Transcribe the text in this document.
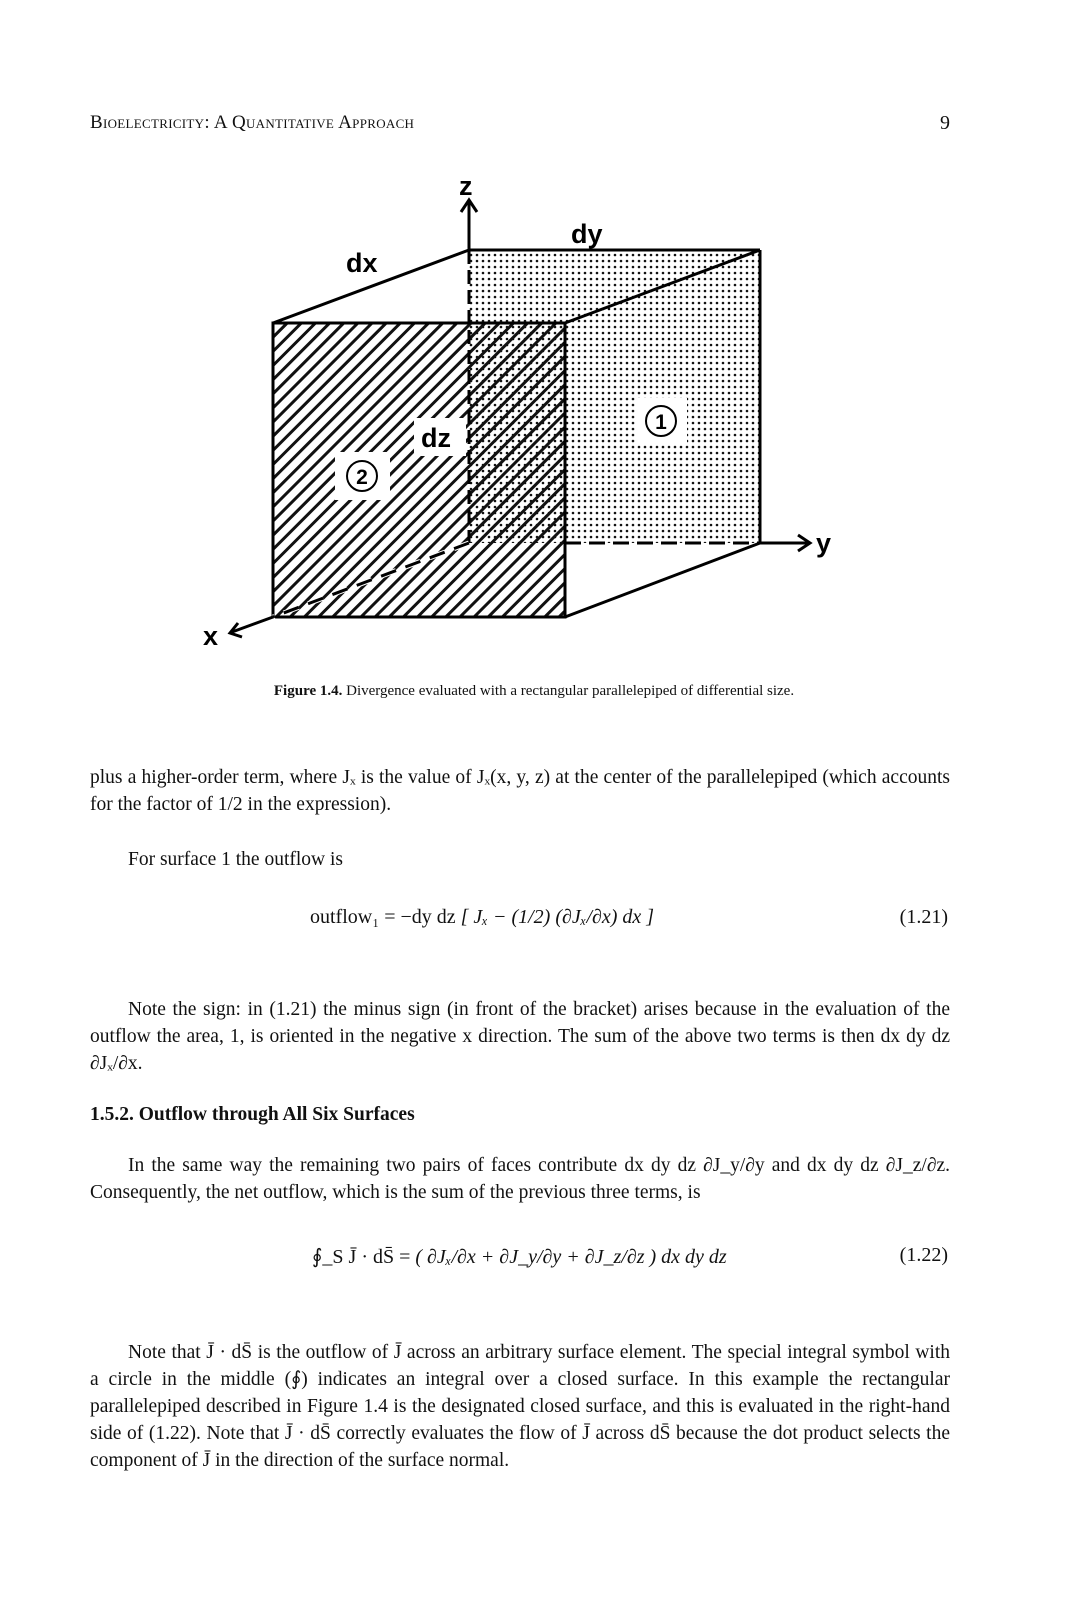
Bioelectricity: A Quantitative Approach	9
z
dy
dx
dz
y
x
1
2
Figure 1.4. Divergence evaluated with a rectangular parallelepiped of differential size.
plus a higher-order term, where Jₓ is the value of Jₓ(x, y, z) at the center of the parallelepiped (which accounts for the factor of 1/2 in the expression).
For surface 1 the outflow is
outflow₁ = −dy dz [ Jₓ − (1/2) (∂Jₓ/∂x) dx ]	(1.21)
Note the sign: in (1.21) the minus sign (in front of the bracket) arises because in the evaluation of the outflow the area, 1, is oriented in the negative x direction. The sum of the above two terms is then dx dy dz ∂Jₓ/∂x.
1.5.2. Outflow through All Six Surfaces
In the same way the remaining two pairs of faces contribute dx dy dz ∂J_y/∂y and dx dy dz ∂J_z/∂z. Consequently, the net outflow, which is the sum of the previous three terms, is
∮_S J̄ · dS̄ = ( ∂Jₓ/∂x + ∂J_y/∂y + ∂J_z/∂z ) dx dy dz	(1.22)
Note that J̄ · dS̄ is the outflow of J̄ across an arbitrary surface element. The special integral symbol with a circle in the middle (∮) indicates an integral over a closed surface. In this example the rectangular parallelepiped described in Figure 1.4 is the designated closed surface, and this is evaluated in the right-hand side of (1.22). Note that J̄ · dS̄ correctly evaluates the flow of J̄ across dS̄ because the dot product selects the component of J̄ in the direction of the surface normal.
